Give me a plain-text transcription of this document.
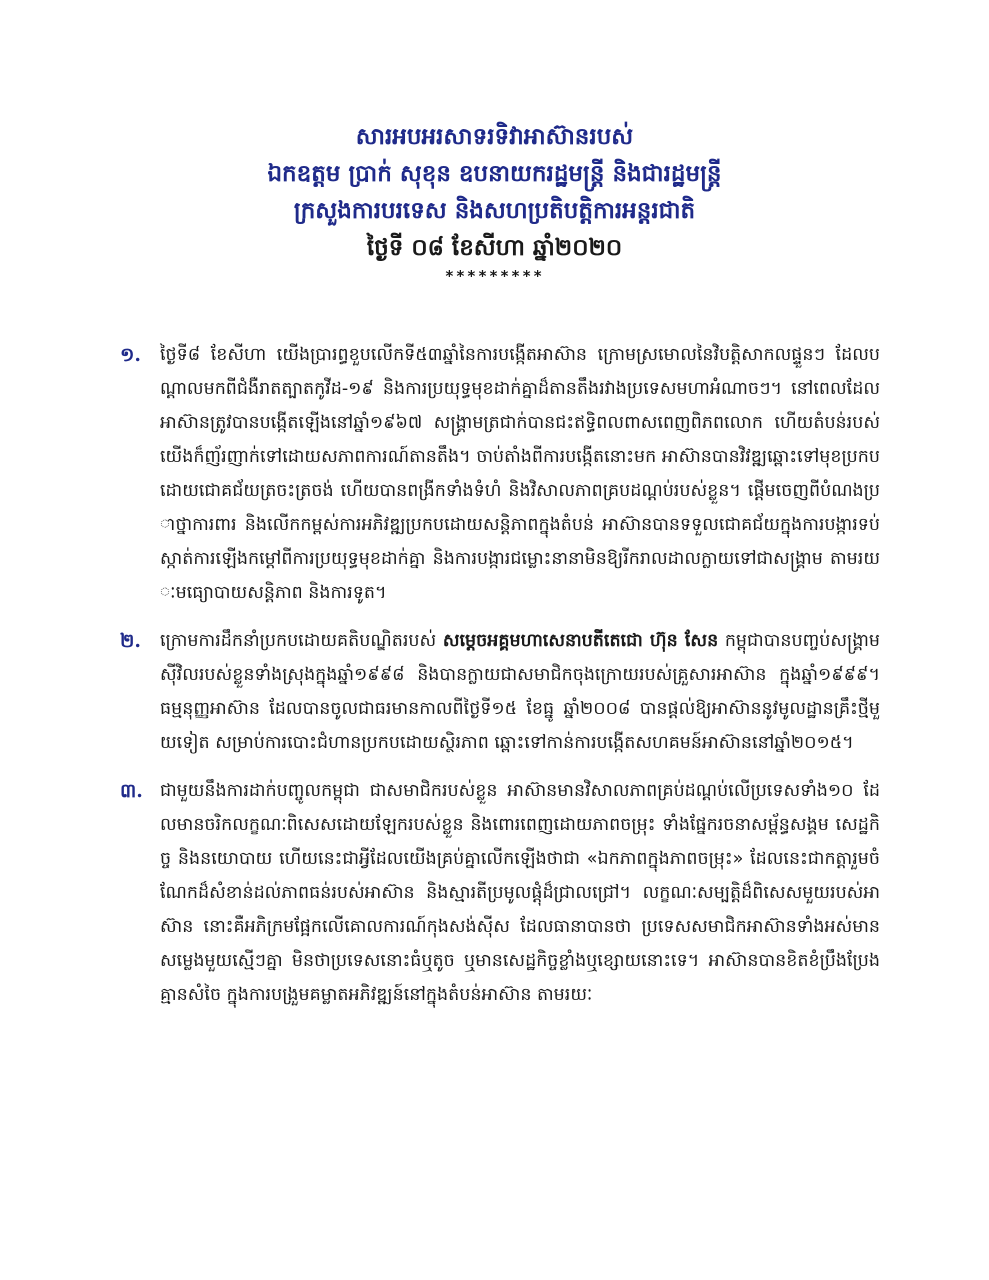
សារអបអរសាទរទិវាអាស៊ានរបស់
ឯកឧត្តម ប្រាក់ សុខុន ឧបនាយករដ្ឋមន្ត្រី និងជារដ្ឋមន្ត្រី
ក្រសួងការបរទេស និងសហប្រតិបត្តិការអន្តរជាតិ
ថ្ងៃទី ០៨ ខែសីហា ឆ្នាំ២០២០
*********
១.	ថ្ងៃទី៨ ខែសីហា យើងប្រារព្ធខួបលើកទី៥៣ឆ្នាំនៃការបង្កើតអាស៊ាន ក្រោមស្រមោលនៃវិបត្តិសាកលផ្ទួនៗ ដែលបណ្ដាលមកពីជំងឺរាតត្បាតកូវីដ-១៩ និងការប្រយុទ្ធមុខដាក់គ្នាដ៏តានតឹងរវាងប្រទេសមហាអំណាចៗ។ នៅពេលដែលអាស៊ានត្រូវបានបង្កើតឡើងនៅឆ្នាំ១៩៦៧ សង្គ្រាមត្រជាក់បានជះឥទ្ធិពលពាសពេញពិភពលោក ហើយតំបន់របស់យើងក៏ញ័រញាក់ទៅដោយសភាពការណ៍តានតឹង។ ចាប់តាំងពីការបង្កើតនោះមក អាស៊ានបានវិវឌ្ឍឆ្ពោះទៅមុខប្រកបដោយជោគជ័យត្រចះត្រចង់ ហើយបានពង្រីកទាំងទំហំ និងវិសាលភាពគ្របដណ្ដប់របស់ខ្លួន។ ផ្ដើមចេញពីបំណងប្រាថ្នាការពារ និងលើកកម្ពស់ការអភិវឌ្ឍប្រកបដោយសន្តិភាពក្នុងតំបន់ អាស៊ានបានទទួលជោគជ័យក្នុងការបង្ការទប់ស្កាត់ការឡើងកម្ដៅពីការប្រយុទ្ធមុខដាក់គ្នា និងការបង្ការជម្លោះនានាមិនឱ្យរីករាលដាលក្លាយទៅជាសង្គ្រាម តាមរយៈមធ្យោបាយសន្តិភាព និងការទូត។
២.	ក្រោមការដឹកនាំប្រកបដោយគតិបណ្ឌិតរបស់ សម្ដេចអគ្គមហាសេនាបតីតេជោ ហ៊ុន សែន កម្ពុជាបានបញ្ចប់សង្គ្រាមស៊ីវិលរបស់ខ្លួនទាំងស្រុងក្នុងឆ្នាំ១៩៩៨ និងបានក្លាយជាសមាជិកចុងក្រោយរបស់គ្រួសារអាស៊ាន ក្នុងឆ្នាំ១៩៩៩។ ធម្មនុញ្ញអាស៊ាន ដែលបានចូលជាធរមានកាលពីថ្ងៃទី១៥ ខែធ្នូ ឆ្នាំ២០០៨ បានផ្ដល់ឱ្យអាស៊ាននូវមូលដ្ឋានគ្រឹះថ្មីមួយទៀត សម្រាប់ការបោះជំហានប្រកបដោយស្ថិរភាព ឆ្ពោះទៅកាន់ការបង្កើតសហគមន៍អាស៊ាននៅឆ្នាំ២០១៥។
៣. ជាមួយនឹងការដាក់បញ្ចូលកម្ពុជា ជាសមាជិករបស់ខ្លួន អាស៊ានមានវិសាលភាពគ្រប់ដណ្ដប់លើប្រទេសទាំង១០ ដែលមានចរិកលក្ខណៈពិសេសដោយឡែករបស់ខ្លួន និងពោរពេញដោយភាពចម្រុះ ទាំងផ្នែករចនាសម្ព័ន្ធសង្គម សេដ្ឋកិច្ច និងនយោបាយ ហើយនេះជាអ្វីដែលយើងគ្រប់គ្នាលើកឡើងថាជា «ឯកភាពក្នុងភាពចម្រុះ» ដែលនេះជាកត្តារួមចំណែកដ៏សំខាន់ដល់ភាពធន់របស់អាស៊ាន និងស្មារតីប្រមូលផ្ដុំដ៏ជ្រាលជ្រៅ។ លក្ខណៈសម្បត្តិដ៏ពិសេសមួយរបស់អាស៊ាន នោះគឺអភិក្រមផ្អែកលើគោលការណ៍កុងសង់ស៊ីស ដែលធានាបានថា ប្រទេសសមាជិកអាស៊ានទាំងអស់មានសម្លេងមួយស្មើៗគ្នា មិនថាប្រទេសនោះធំឬតូច ឬមានសេដ្ឋកិច្ចខ្លាំងឬខ្សោយនោះទេ។ អាស៊ានបានខិតខំប្រឹងប្រែងគ្មានសំចៃ ក្នុងការបង្រួមគម្លាតអភិវឌ្ឍន៍នៅក្នុងតំបន់អាស៊ាន តាមរយៈ
